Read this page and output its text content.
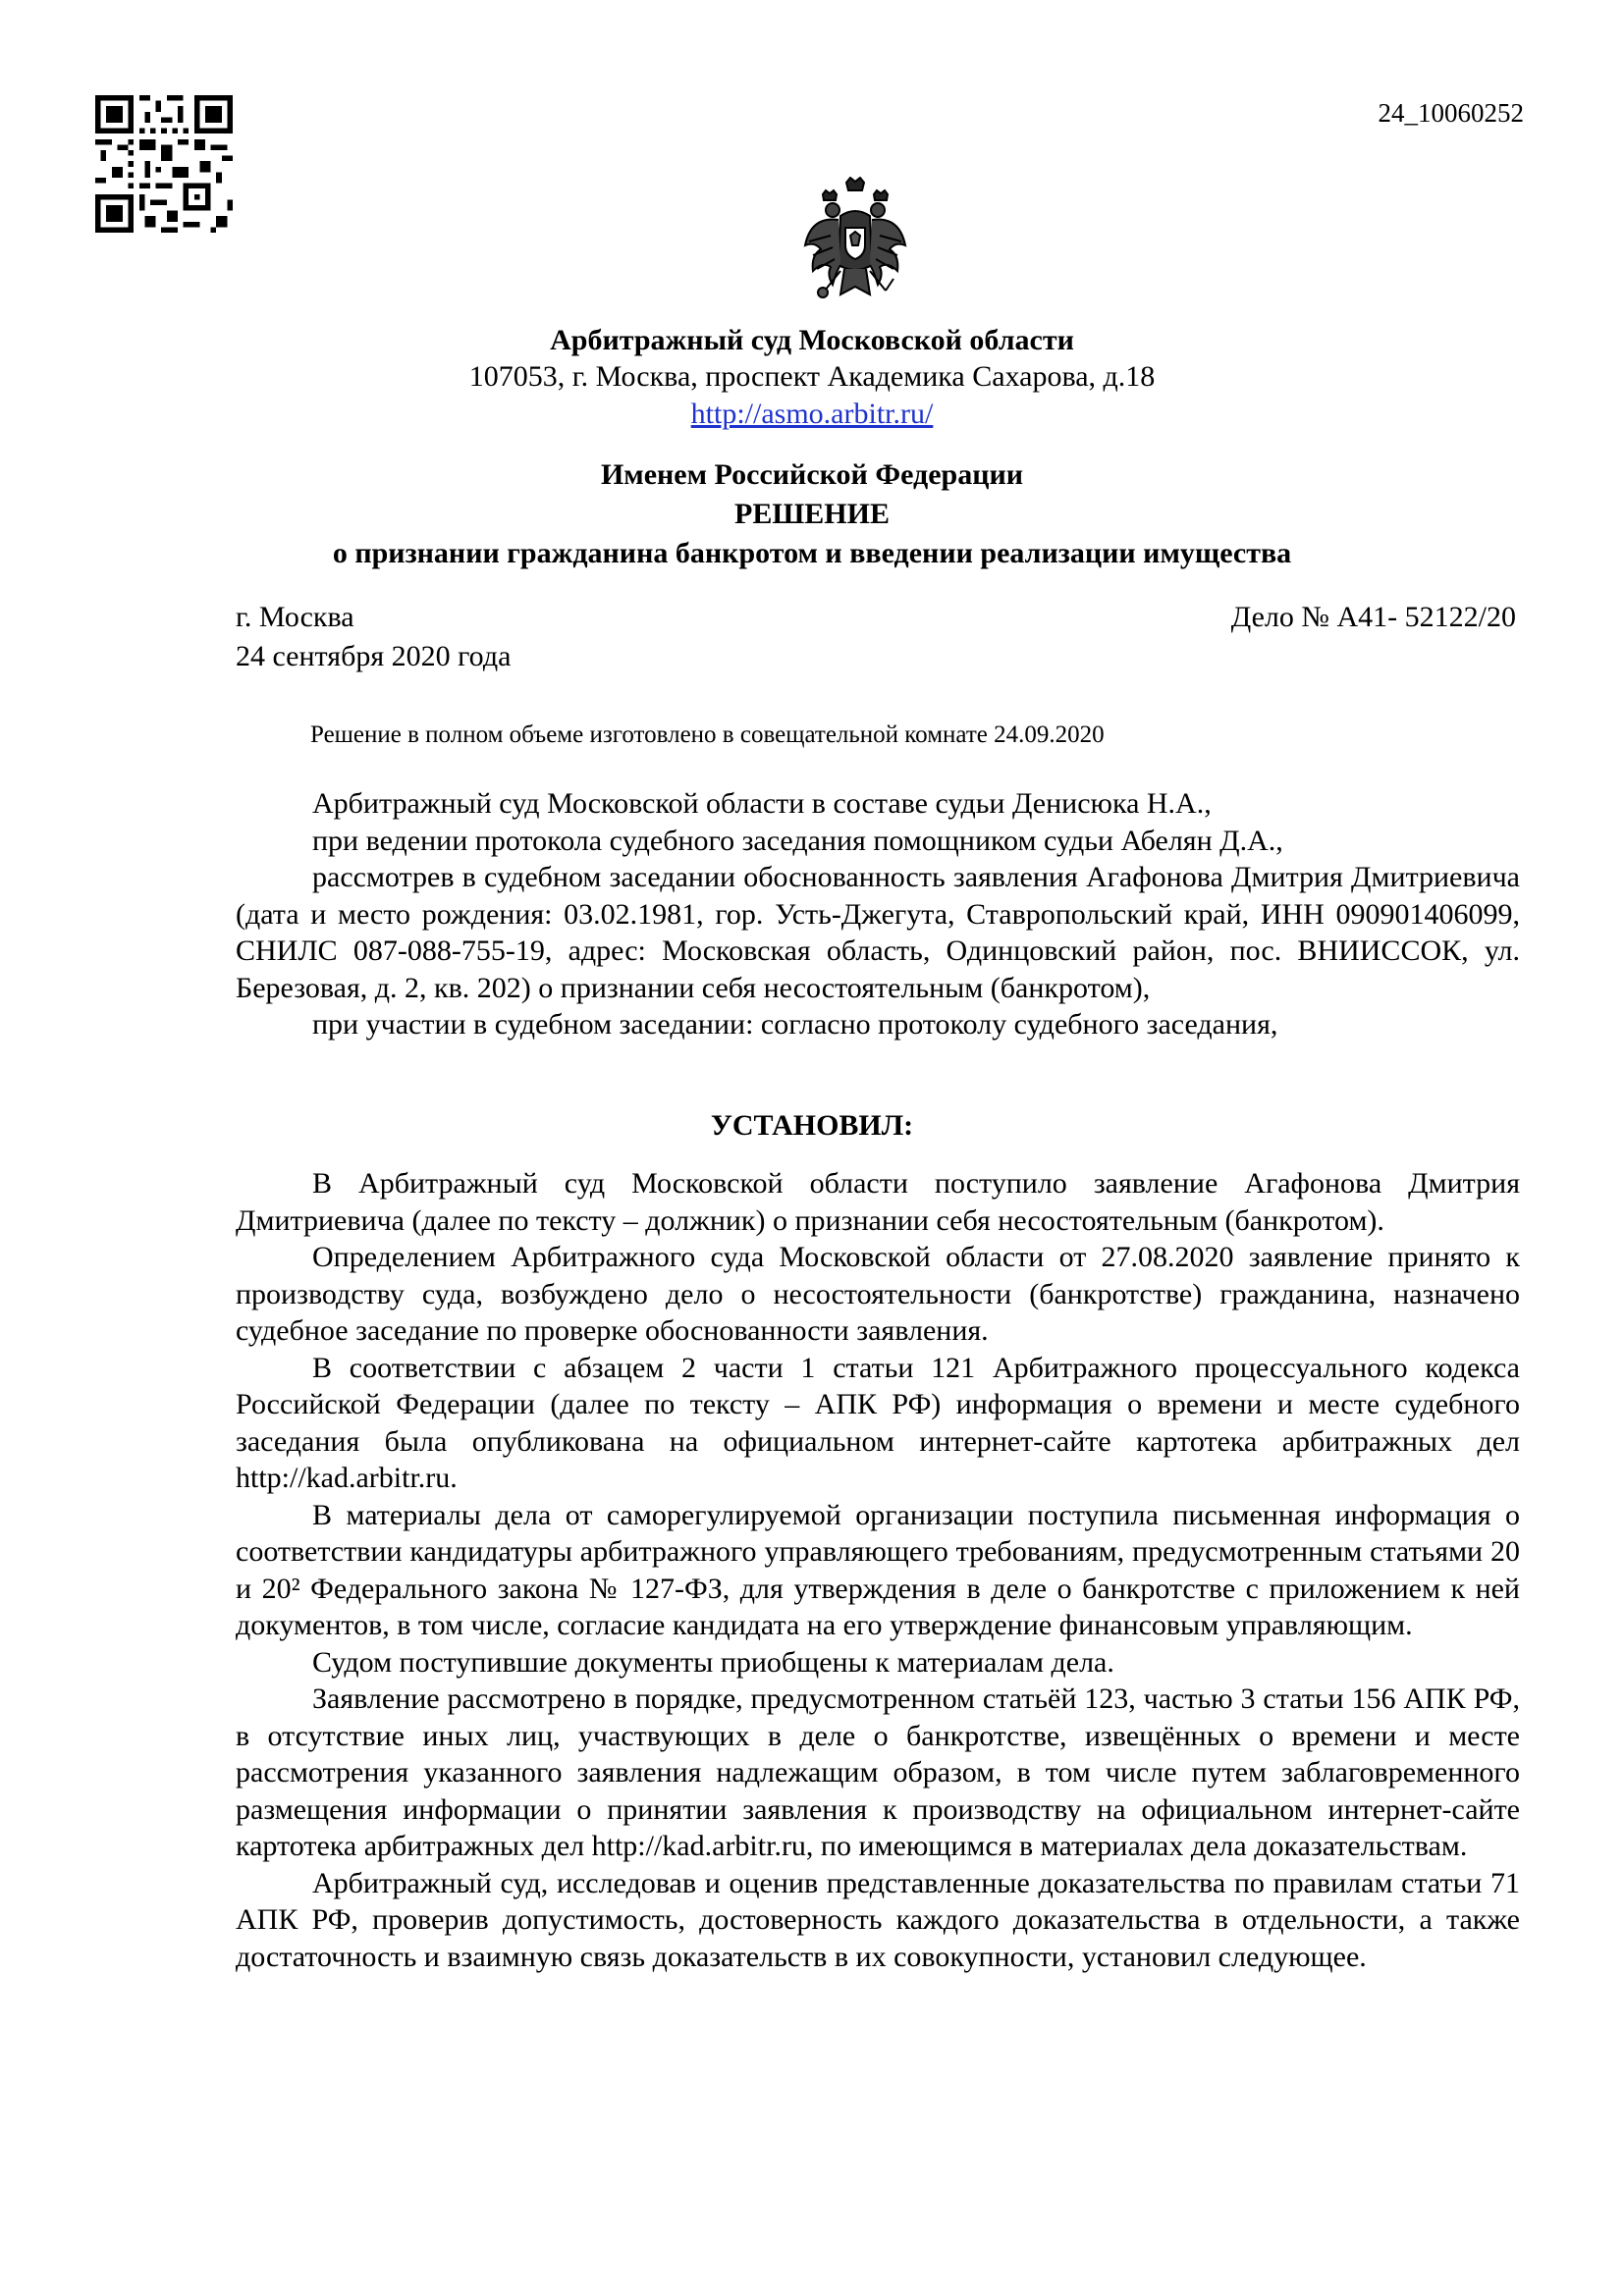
24_10060252
Арбитражный суд Московской области
107053, г. Москва, проспект Академика Сахарова, д.18
http://asmo.arbitr.ru/
Именем Российской Федерации
РЕШЕНИЕ
о признании гражданина банкротом и введении реализации имущества
г. Москва	Дело № А41- 52122/20
24 сентября 2020 года
Решение в полном объеме изготовлено в совещательной комнате 24.09.2020

Арбитражный суд Московской области в составе судьи Денисюка Н.А.,

при ведении протокола судебного заседания помощником судьи Абелян Д.А.,

рассмотрев в судебном заседании обоснованность заявления Агафонова Дмитрия Дмитриевича (дата и место рождения: 03.02.1981, гор. Усть-Джегута, Ставропольский край, ИНН 090901406099, СНИЛС 087-088-755-19, адрес: Московская область, Одинцовский район, пос. ВНИИССОК, ул. Березовая, д. 2, кв. 202) о признании себя несостоятельным (банкротом),

при участии в судебном заседании: согласно протоколу судебного заседания,

УСТАНОВИЛ:

В Арбитражный суд Московской области поступило заявление Агафонова Дмитрия Дмитриевича (далее по тексту – должник) о признании себя несостоятельным (банкротом).

Определением Арбитражного суда Московской области от 27.08.2020 заявление принято к производству суда, возбуждено дело о несостоятельности (банкротстве) гражданина, назначено судебное заседание по проверке обоснованности заявления.

В соответствии с абзацем 2 части 1 статьи 121 Арбитражного процессуального кодекса Российской Федерации (далее по тексту – АПК РФ) информация о времени и месте судебного заседания была опубликована на официальном интернет-сайте картотека арбитражных дел http://kad.arbitr.ru.

В материалы дела от саморегулируемой организации поступила письменная информация о соответствии кандидатуры арбитражного управляющего требованиям, предусмотренным статьями 20 и 20² Федерального закона № 127-ФЗ, для утверждения в деле о банкротстве с приложением к ней документов, в том числе, согласие кандидата на его утверждение финансовым управляющим.

Судом поступившие документы приобщены к материалам дела.

Заявление рассмотрено в порядке, предусмотренном статьёй 123, частью 3 статьи 156 АПК РФ, в отсутствие иных лиц, участвующих в деле о банкротстве, извещённых о времени и месте рассмотрения указанного заявления надлежащим образом, в том числе путем заблаговременного размещения информации о принятии заявления к производству на официальном интернет-сайте картотека арбитражных дел http://kad.arbitr.ru, по имеющимся в материалах дела доказательствам.

Арбитражный суд, исследовав и оценив представленные доказательства по правилам статьи 71 АПК РФ, проверив допустимость, достоверность каждого доказательства в отдельности, а также достаточность и взаимную связь доказательств в их совокупности, установил следующее.
